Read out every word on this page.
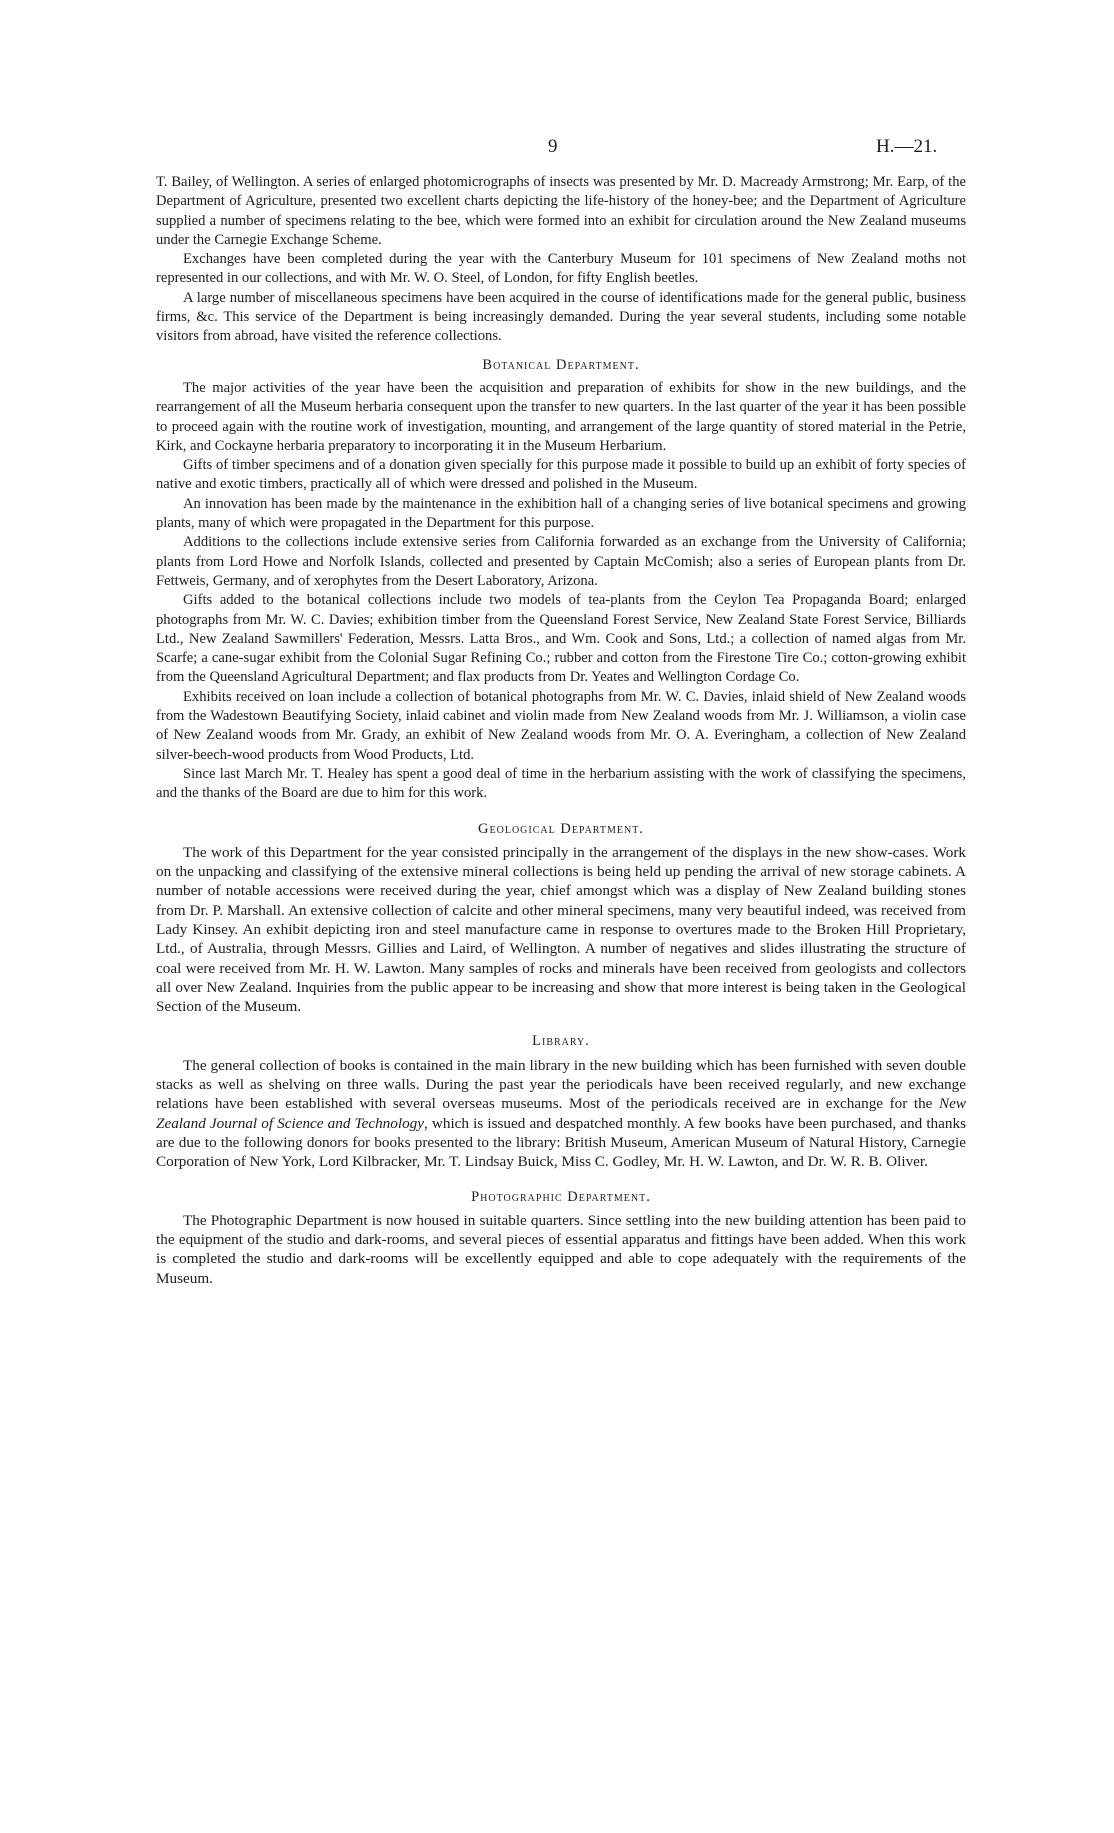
9	H.—21.

T. Bailey, of Wellington. A series of enlarged photomicrographs of insects was presented by Mr. D. Macready Armstrong; Mr. Earp, of the Department of Agriculture, presented two excellent charts depicting the life-history of the honey-bee; and the Department of Agriculture supplied a number of specimens relating to the bee, which were formed into an exhibit for circulation around the New Zealand museums under the Carnegie Exchange Scheme.

Exchanges have been completed during the year with the Canterbury Museum for 101 specimens of New Zealand moths not represented in our collections, and with Mr. W. O. Steel, of London, for fifty English beetles.

A large number of miscellaneous specimens have been acquired in the course of identifications made for the general public, business firms, &c. This service of the Department is being increasingly demanded. During the year several students, including some notable visitors from abroad, have visited the reference collections.

Botanical Department.

The major activities of the year have been the acquisition and preparation of exhibits for show in the new buildings, and the rearrangement of all the Museum herbaria consequent upon the transfer to new quarters. In the last quarter of the year it has been possible to proceed again with the routine work of investigation, mounting, and arrangement of the large quantity of stored material in the Petrie, Kirk, and Cockayne herbaria preparatory to incorporating it in the Museum Herbarium.

Gifts of timber specimens and of a donation given specially for this purpose made it possible to build up an exhibit of forty species of native and exotic timbers, practically all of which were dressed and polished in the Museum.

An innovation has been made by the maintenance in the exhibition hall of a changing series of live botanical specimens and growing plants, many of which were propagated in the Department for this purpose.

Additions to the collections include extensive series from California forwarded as an exchange from the University of California; plants from Lord Howe and Norfolk Islands, collected and presented by Captain McComish; also a series of European plants from Dr. Fettweis, Germany, and of xerophytes from the Desert Laboratory, Arizona.

Gifts added to the botanical collections include two models of tea-plants from the Ceylon Tea Propaganda Board; enlarged photographs from Mr. W. C. Davies; exhibition timber from the Queensland Forest Service, New Zealand State Forest Service, Billiards Ltd., New Zealand Sawmillers' Federation, Messrs. Latta Bros., and Wm. Cook and Sons, Ltd.; a collection of named algas from Mr. Scarfe; a cane-sugar exhibit from the Colonial Sugar Refining Co.; rubber and cotton from the Firestone Tire Co.; cotton-growing exhibit from the Queensland Agricultural Department; and flax products from Dr. Yeates and Wellington Cordage Co.

Exhibits received on loan include a collection of botanical photographs from Mr. W. C. Davies, inlaid shield of New Zealand woods from the Wadestown Beautifying Society, inlaid cabinet and violin made from New Zealand woods from Mr. J. Williamson, a violin case of New Zealand woods from Mr. Grady, an exhibit of New Zealand woods from Mr. O. A. Everingham, a collection of New Zealand silver-beech-wood products from Wood Products, Ltd.

Since last March Mr. T. Healey has spent a good deal of time in the herbarium assisting with the work of classifying the specimens, and the thanks of the Board are due to him for this work.

Geological Department.

The work of this Department for the year consisted principally in the arrangement of the displays in the new show-cases. Work on the unpacking and classifying of the extensive mineral collections is being held up pending the arrival of new storage cabinets. A number of notable accessions were received during the year, chief amongst which was a display of New Zealand building stones from Dr. P. Marshall. An extensive collection of calcite and other mineral specimens, many very beautiful indeed, was received from Lady Kinsey. An exhibit depicting iron and steel manufacture came in response to overtures made to the Broken Hill Proprietary, Ltd., of Australia, through Messrs. Gillies and Laird, of Wellington. A number of negatives and slides illustrating the structure of coal were received from Mr. H. W. Lawton. Many samples of rocks and minerals have been received from geologists and collectors all over New Zealand. Inquiries from the public appear to be increasing and show that more interest is being taken in the Geological Section of the Museum.

Library.

The general collection of books is contained in the main library in the new building which has been furnished with seven double stacks as well as shelving on three walls. During the past year the periodicals have been received regularly, and new exchange relations have been established with several overseas museums. Most of the periodicals received are in exchange for the New Zealand Journal of Science and Technology, which is issued and despatched monthly. A few books have been purchased, and thanks are due to the following donors for books presented to the library: British Museum, American Museum of Natural History, Carnegie Corporation of New York, Lord Kilbracker, Mr. T. Lindsay Buick, Miss C. Godley, Mr. H. W. Lawton, and Dr. W. R. B. Oliver.

Photographic Department.

The Photographic Department is now housed in suitable quarters. Since settling into the new building attention has been paid to the equipment of the studio and dark-rooms, and several pieces of essential apparatus and fittings have been added. When this work is completed the studio and dark-rooms will be excellently equipped and able to cope adequately with the requirements of the Museum.
